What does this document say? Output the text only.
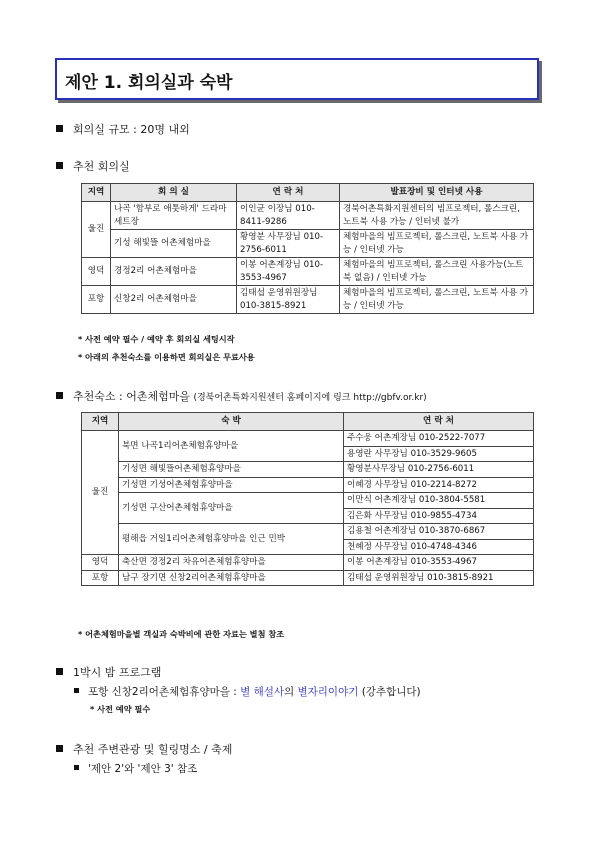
제안 1. 회의실과 숙박
회의실 규모 : 20명 내외
추천 회의실
지역	회 의 실	연 락 처	발표장비 및 인터넷 사용
울진	나곡 '함부로 애틋하게' 드라마세트장	이인균 이장님 010-8411-9286	경북어촌특화지원센터의 빔프로젝터, 롤스크린, 노트북 사용 가능 / 인터넷 불가
	기성 해빛뜰 어촌체험마을	황영분 사무장님 010-2756-6011	체험마을의 빔프로젝터, 롤스크린, 노트북 사용 가능 / 인터넷 가능
영덕	경정2리 어촌체험마을	이봉 어촌계장님 010-3553-4967	체험마을의 빔프로젝터, 롤스크린 사용가능(노트북 없음) / 인터넷 가능
포항	신창2리 어촌체험마을	김태섭 운영위원장님 010-3815-8921	체험마을의 빔프로젝터, 롤스크린, 노트북 사용 가능 / 인터넷 가능
* 사전 예약 필수 / 예약 후 회의실 세팅시작
* 아래의 추천숙소를 이용하면 회의실은 무료사용
추천숙소 : 어촌체험마을 (경북어촌특화지원센터 홈페이지에 링크 http://gbfv.or.kr)
지역	숙 박	연 락 처
울진	북면 나곡1리어촌체험휴양마을	주수웅 어촌계장님 010-2522-7077
		용영란 사무장님 010-3529-9605
	기성면 해빛뜰어촌체험휴양마을	황영분사무장님 010-2756-6011
	기성면 기성어촌체험휴양마을	이혜경 사무장님 010-2214-8272
	기성면 구산어촌체험휴양마을	이만식 어촌계장님 010-3804-5581
		김은화 사무장님 010-9855-4734
	평해읍 거일1리어촌체험휴양마을 인근 민박	김용철 어촌계장님 010-3870-6867
		천혜정 사무장님 010-4748-4346
영덕	축산면 경정2리 차유어촌체험휴양마을	이봉 어촌계장님 010-3553-4967
포항	남구 장기면 신창2리어촌체험휴양마을	김태섭 운영위원장님 010-3815-8921
* 어촌체험마을별 객실과 숙박비에 관한 자료는 별첨 참조
1박시 밤 프로그램
포항 신창2리어촌체험휴양마을 : 별 해설사의 별자리이야기 (강추합니다)
* 사전 예약 필수
추천 주변관광 및 힐링명소 / 축제
'제안 2'와 '제안 3' 참조
